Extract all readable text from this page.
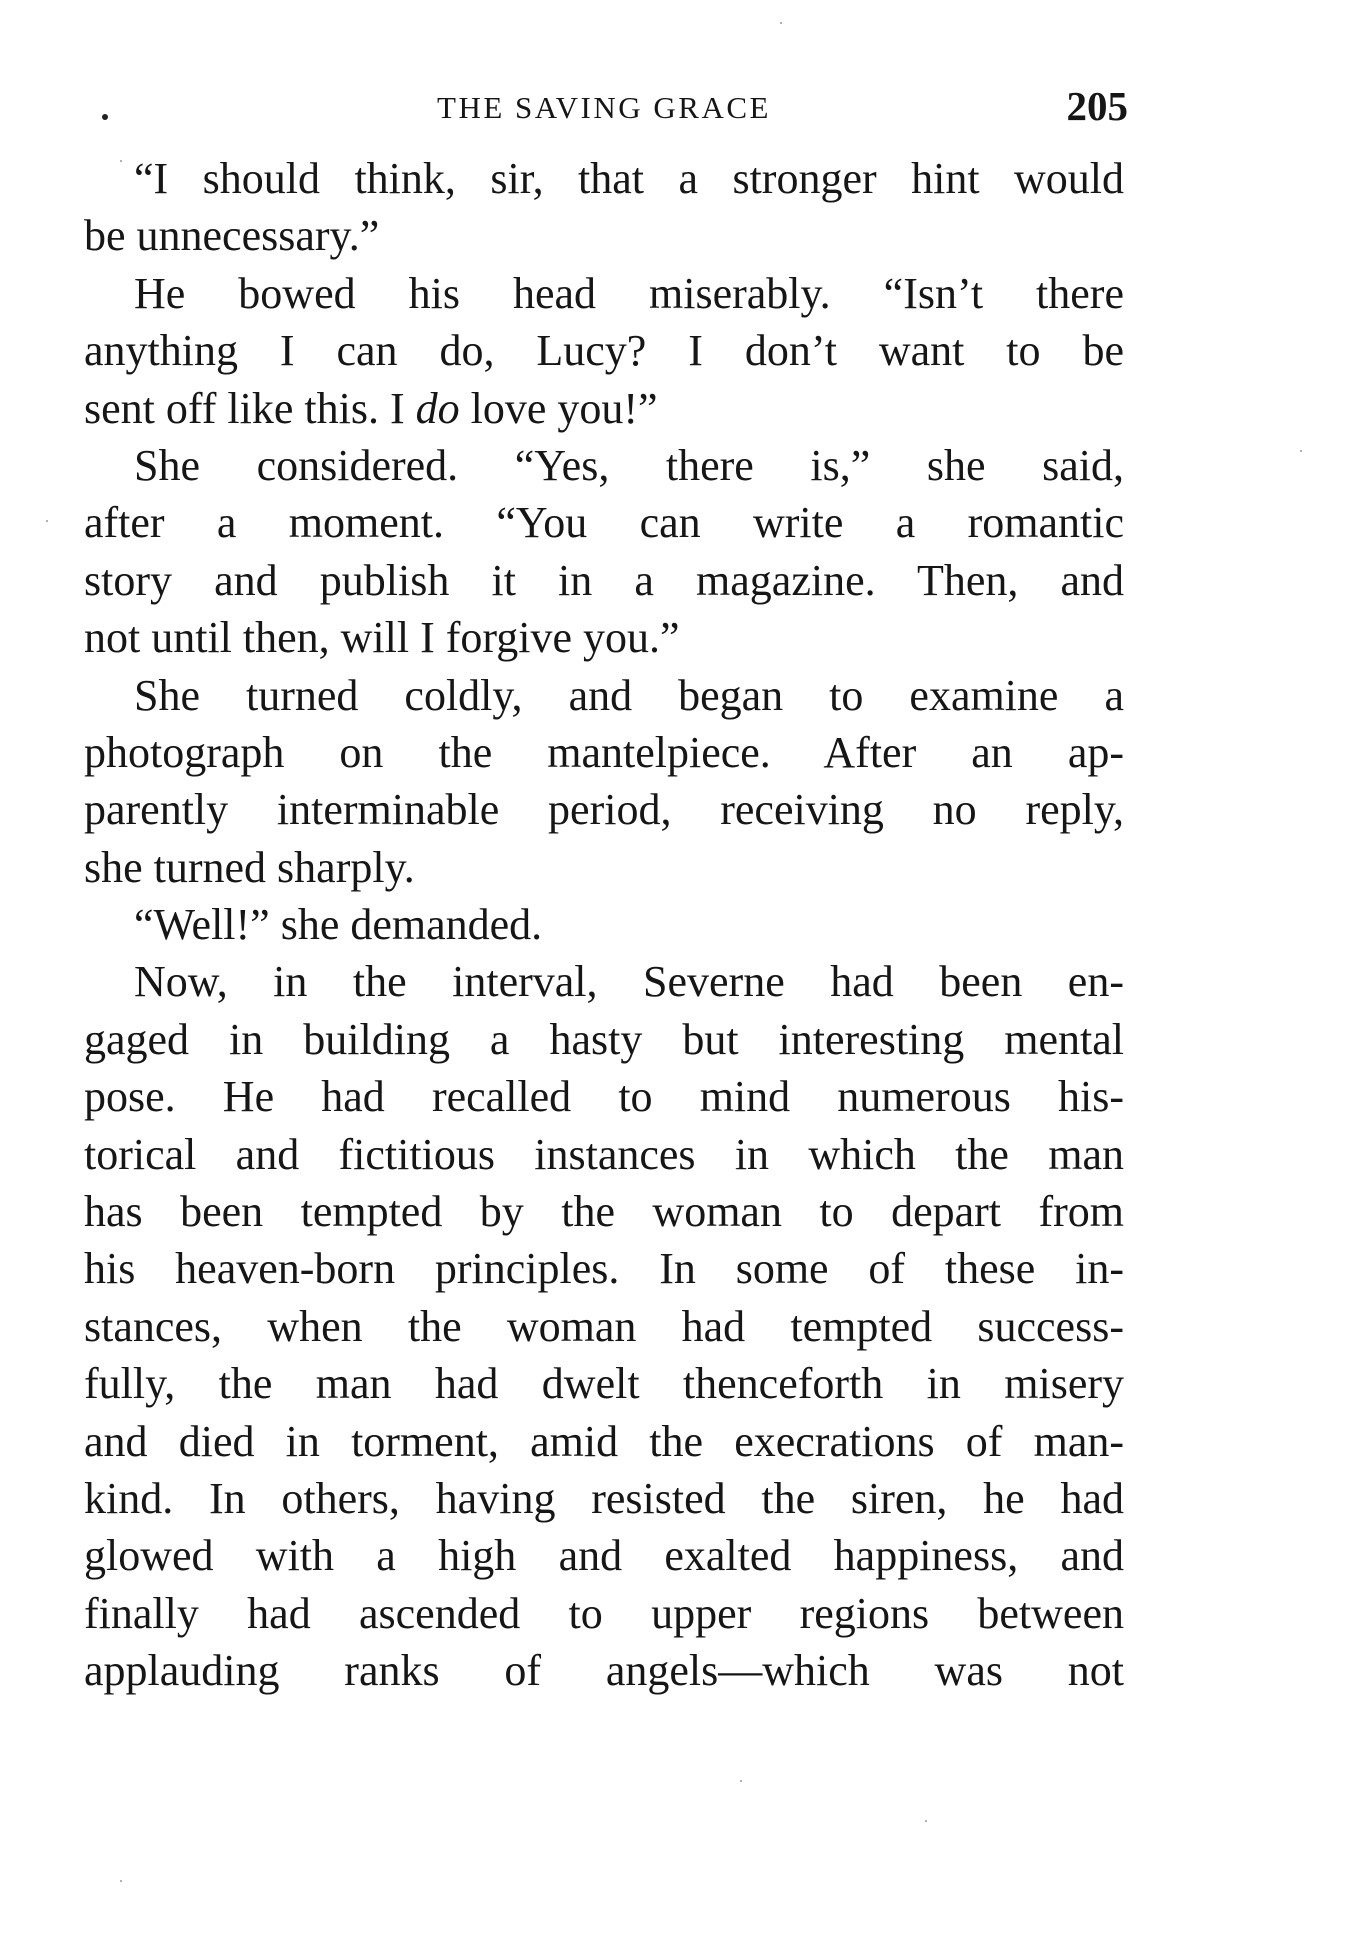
THE SAVING GRACE	205
“I should think, sir, that a stronger hint would
be unnecessary.”
He bowed his head miserably. “Isn’t there
anything I can do, Lucy? I don’t want to be
sent off like this. I do love you!”
She considered. “Yes, there is,” she said,
after a moment. “You can write a romantic
story and publish it in a magazine. Then, and
not until then, will I forgive you.”
She turned coldly, and began to examine a
photograph on the mantelpiece. After an ap-
parently interminable period, receiving no reply,
she turned sharply.
“Well!” she demanded.
Now, in the interval, Severne had been en-
gaged in building a hasty but interesting mental
pose. He had recalled to mind numerous his-
torical and fictitious instances in which the man
has been tempted by the woman to depart from
his heaven-born principles. In some of these in-
stances, when the woman had tempted success-
fully, the man had dwelt thenceforth in misery
and died in torment, amid the execrations of man-
kind. In others, having resisted the siren, he had
glowed with a high and exalted happiness, and
finally had ascended to upper regions between
applauding ranks of angels—which was not
